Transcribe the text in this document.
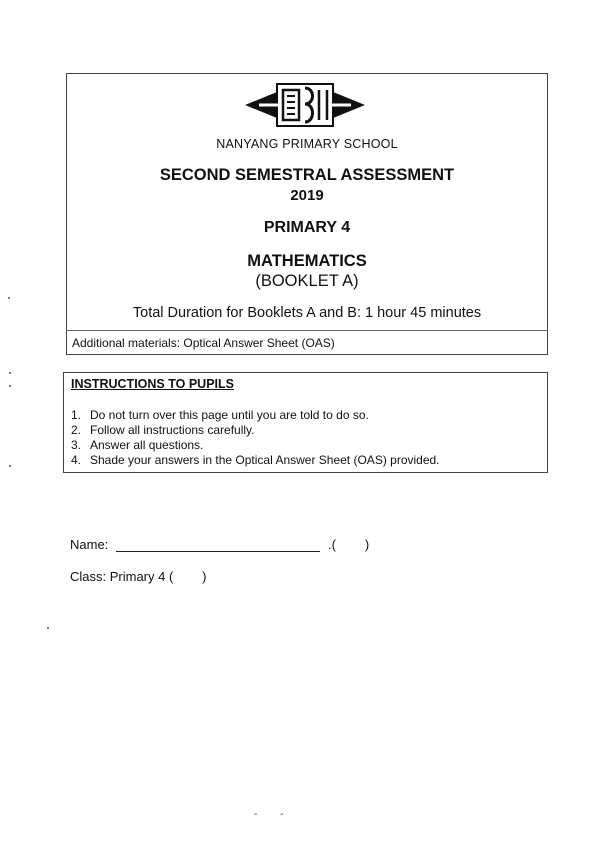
NANYANG PRIMARY SCHOOL
SECOND SEMESTRAL ASSESSMENT
2019
PRIMARY 4
MATHEMATICS
(BOOKLET A)
Total Duration for Booklets A and B: 1 hour 45 minutes
Additional materials: Optical Answer Sheet (OAS)
INSTRUCTIONS TO PUPILS
1. Do not turn over this page until you are told to do so.
2. Follow all instructions carefully.
3. Answer all questions.
4. Shade your answers in the Optical Answer Sheet (OAS) provided.
Name:	.(        )
Class: Primary 4 (        )
- -
